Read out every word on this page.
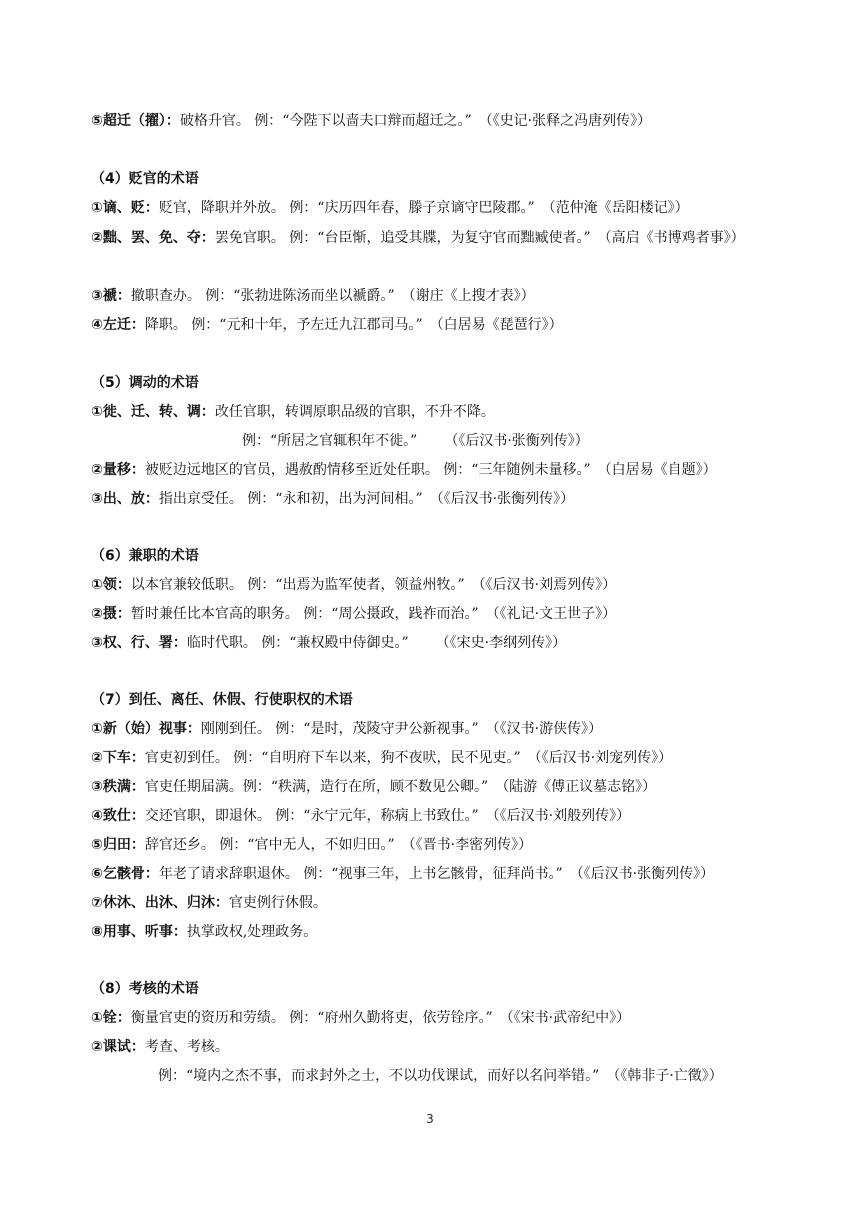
⑤超迁（擢）：破格升官。 例：“今陛下以啬夫口辩而超迁之。” （《史记·张释之冯唐列传》）
（4）贬官的术语
①谪、贬：贬官，降职并外放。 例：“庆历四年春，滕子京谪守巴陵郡。” （范仲淹《岳阳楼记》）
②黜、罢、免、夺：罢免官职。 例：“台臣惭，追受其牒，为复守官而黜臧使者。” （高启《书博鸡者事》）
③褫：撤职查办。 例：“张勃进陈汤而坐以褫爵。” （谢庄《上搜才表》）
④左迁：降职。 例：“元和十年，予左迁九江郡司马。” （白居易《琵琶行》）
（5）调动的术语
①徙、迁、转、调：改任官职，转调原职品级的官职，不升不降。
例：“所居之官辄积年不徙。” （《后汉书·张衡列传》）
②量移：被贬边远地区的官员，遇赦酌情移至近处任职。 例：“三年随例未量移。” （白居易《自题》）
③出、放：指出京受任。 例：“永和初，出为河间相。” （《后汉书·张衡列传》）
（6）兼职的术语
①领：以本官兼较低职。 例：“出焉为监军使者，领益州牧。” （《后汉书·刘焉列传》）
②摄：暂时兼任比本官高的职务。 例：“周公摄政，践祚而治。” （《礼记·文王世子》）
③权、行、署：临时代职。 例：“兼权殿中侍御史。” （《宋史·李纲列传》）
（7）到任、离任、休假、行使职权的术语
①新（始）视事：刚刚到任。 例：“是时，茂陵守尹公新视事。” （《汉书·游侠传》）
②下车：官吏初到任。 例：“自明府下车以来，狗不夜吠，民不见吏。” （《后汉书·刘宠列传》）
③秩满：官吏任期届满。例：“秩满，造行在所，顾不数见公卿。” （陆游《傅正议墓志铭》）
④致仕：交还官职，即退休。 例：“永宁元年，称病上书致仕。” （《后汉书·刘般列传》）
⑤归田：辞官还乡。 例：“官中无人，不如归田。” （《晋书·李密列传》）
⑥乞骸骨：年老了请求辞职退休。 例：“视事三年，上书乞骸骨，征拜尚书。” （《后汉书·张衡列传》）
⑦休沐、出沐、归沐：官吏例行休假。
⑧用事、听事：执掌政权,处理政务。
（8）考核的术语
①铨：衡量官吏的资历和劳绩。 例：“府州久勤将吏，依劳铨序。” （《宋书·武帝纪中》）
②课试：考查、考核。
例：“境内之杰不事，而求封外之士，不以功伐课试，而好以名问举错。” （《韩非子·亡徵》）
3
